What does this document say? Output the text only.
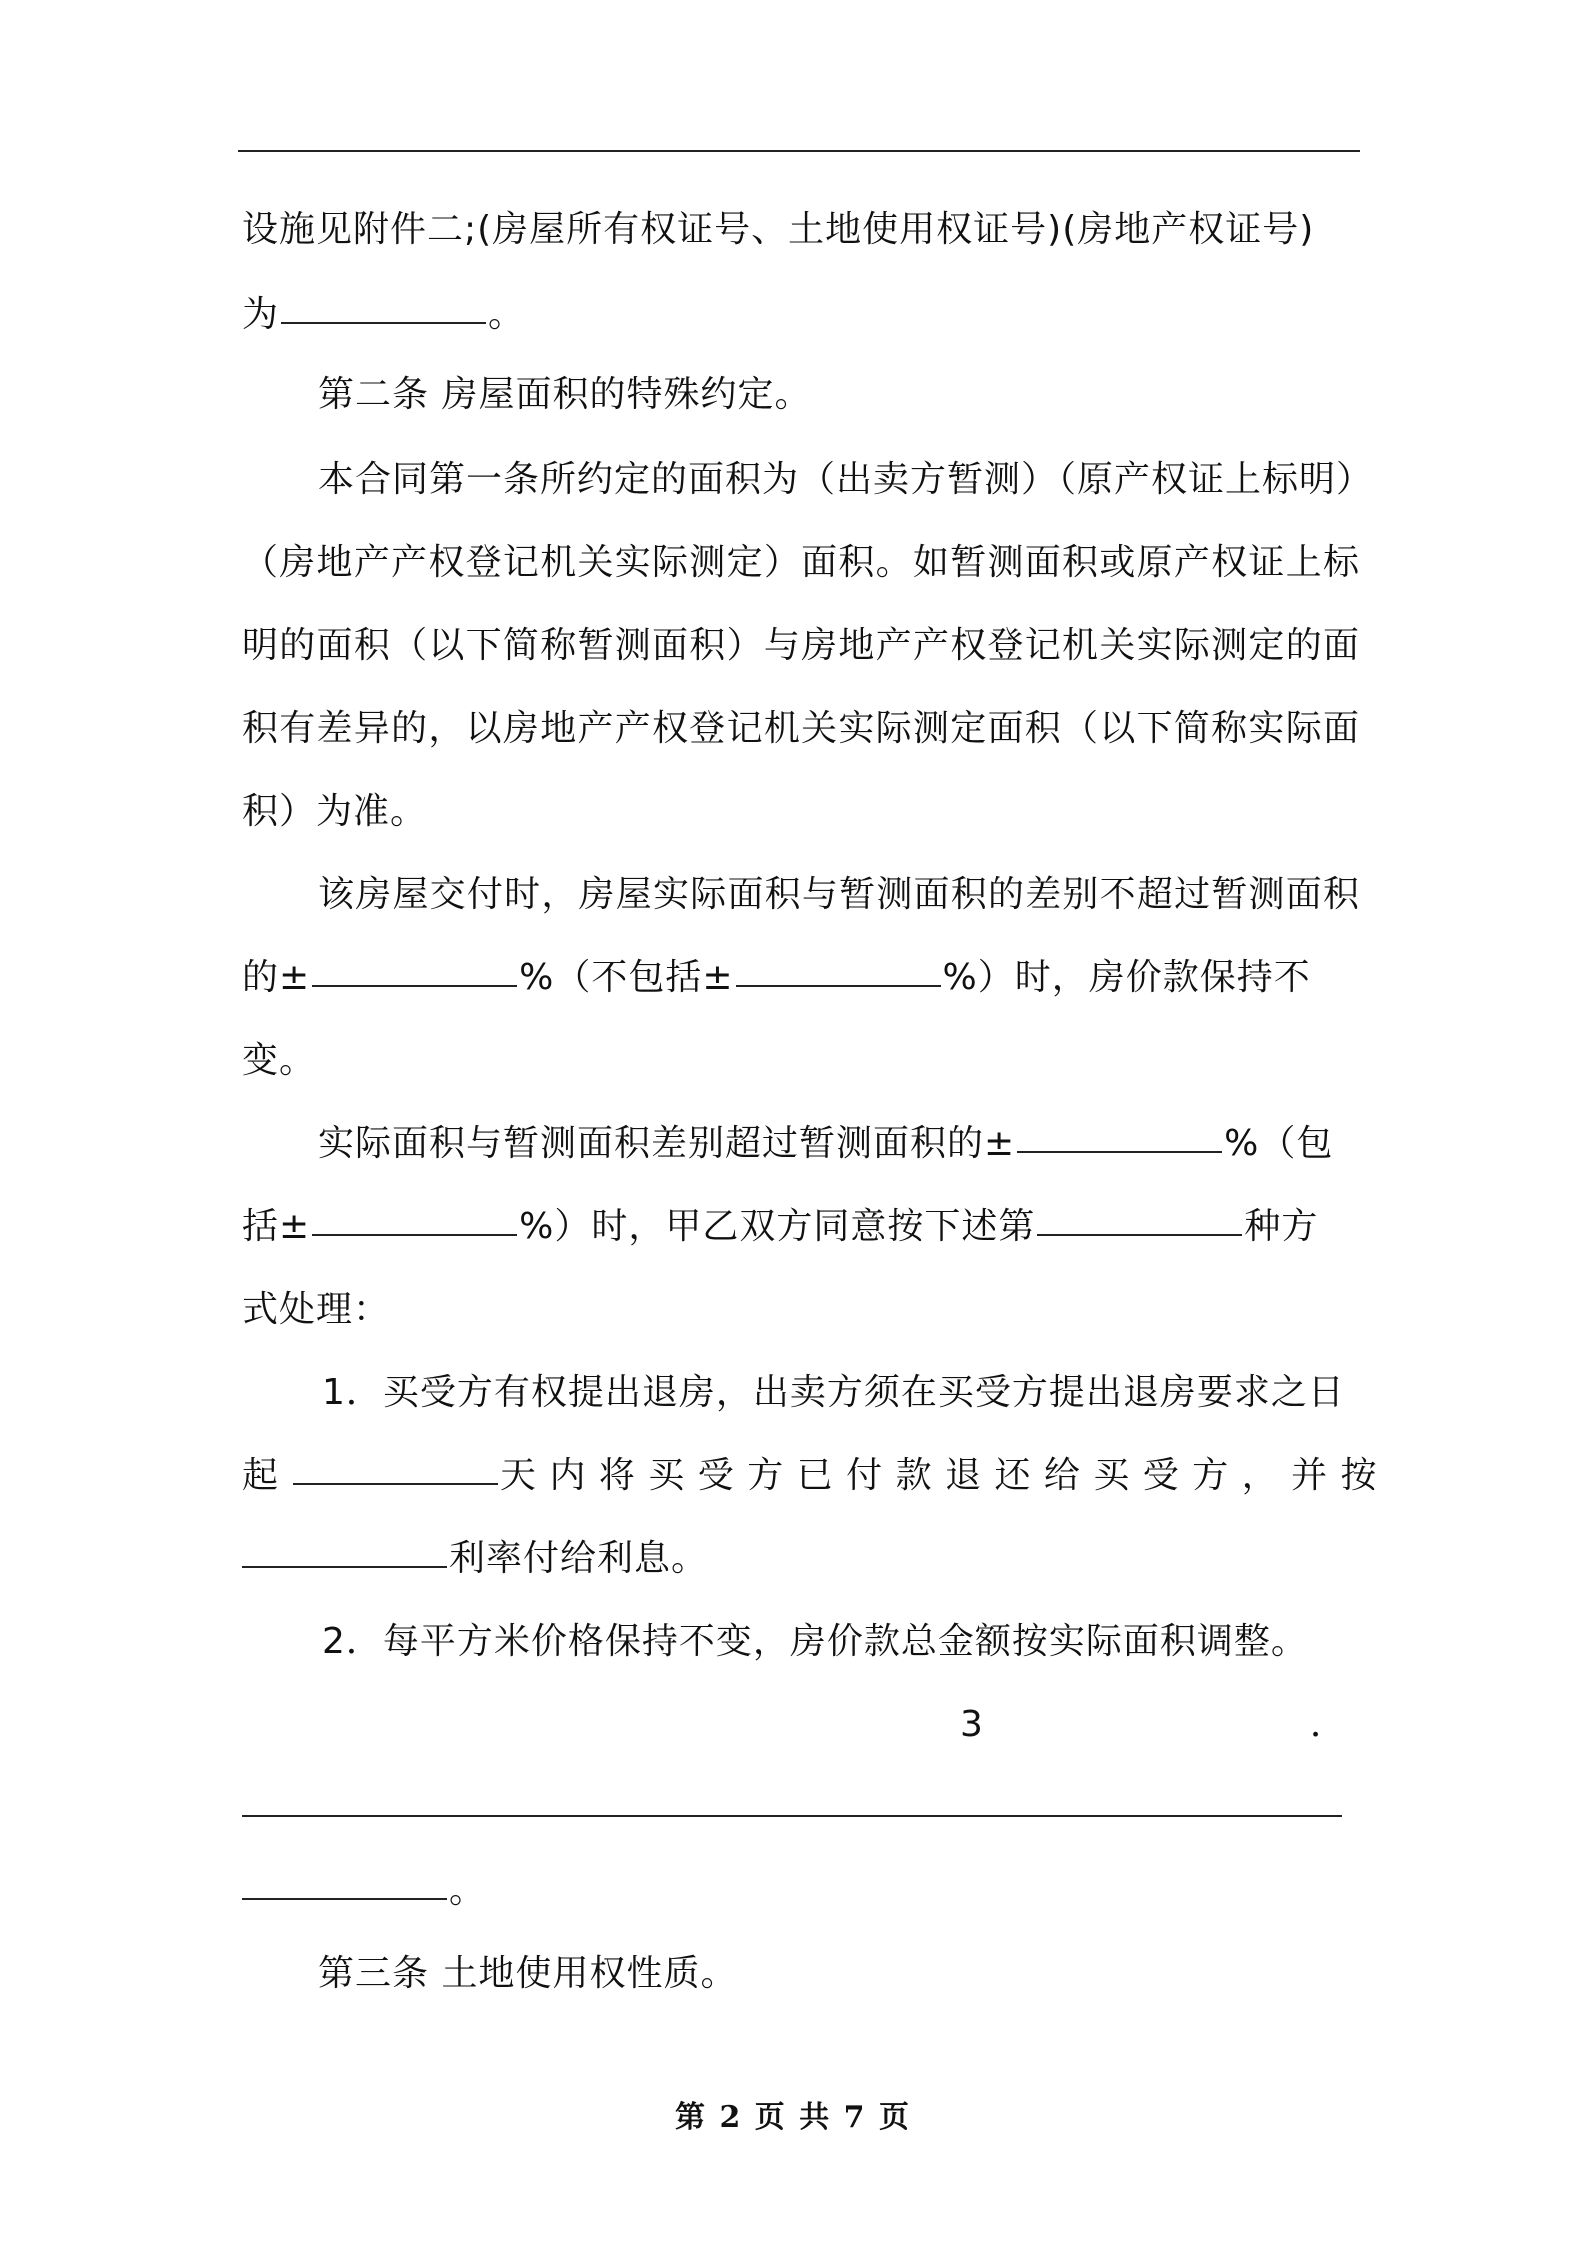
设施见附件二;(房屋所有权证号、土地使用权证号)(房地产权证号)
为	。
第二条 房屋面积的特殊约定。
本合同第一条所约定的面积为（出卖方暂测）（原产权证上标明）
（房地产产权登记机关实际测定）面积。如暂测面积或原产权证上标
明的面积（以下简称暂测面积）与房地产产权登记机关实际测定的面
积有差异的，以房地产产权登记机关实际测定面积（以下简称实际面
积）为准。
该房屋交付时，房屋实际面积与暂测面积的差别不超过暂测面积
的±	%（不包括±	%）时，房价款保持不
变。
实际面积与暂测面积差别超过暂测面积的±	%（包
括±	%）时，甲乙双方同意按下述第	种方
式处理：
1．买受方有权提出退房，出卖方须在买受方提出退房要求之日
起	天 内 将 买 受 方 已 付 款 退 还 给 买 受 方 ， 并 按
利率付给利息。
2．每平方米价格保持不变，房价款总金额按实际面积调整。
3	．
。
第三条 土地使用权性质。
第 2 页 共 7 页
